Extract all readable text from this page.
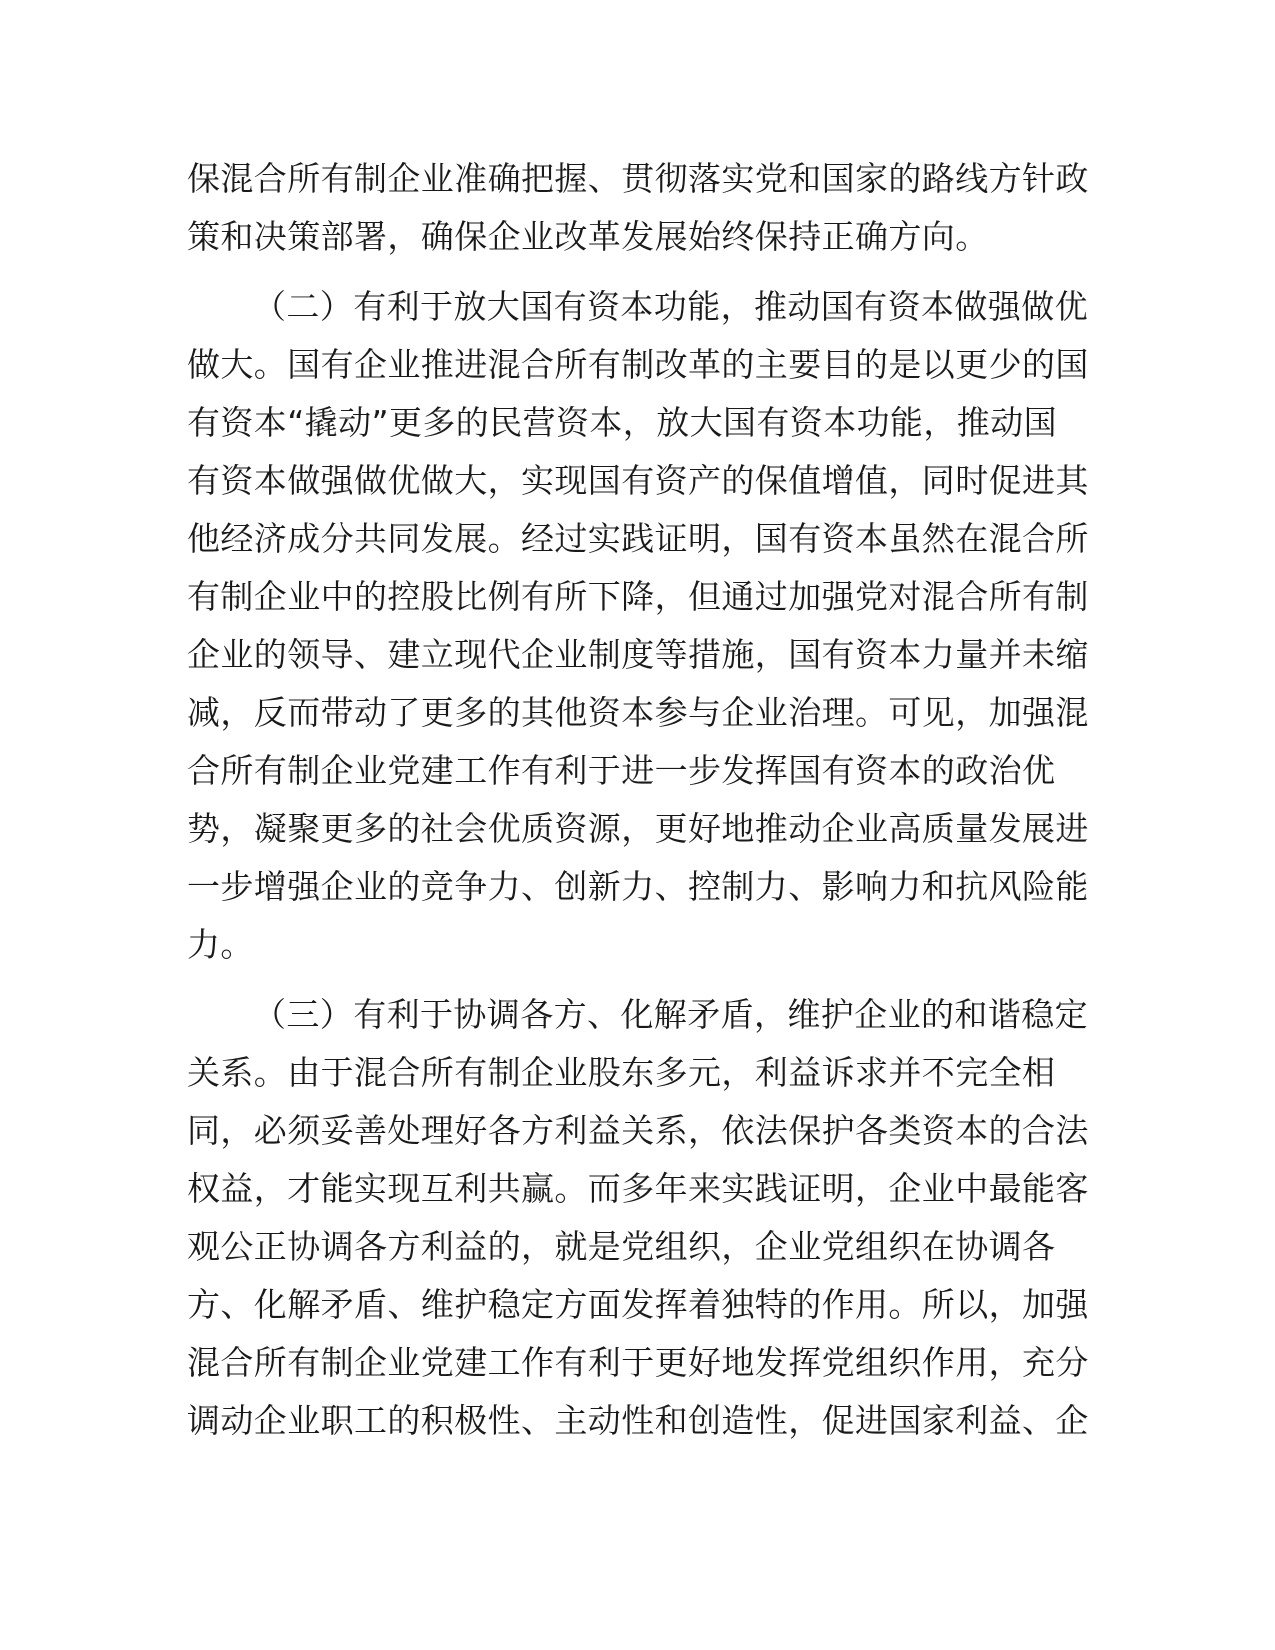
保混合所有制企业准确把握、贯彻落实党和国家的路线方针政
策和决策部署，确保企业改革发展始终保持正确方向。
（二）有利于放大国有资本功能，推动国有资本做强做优
做大。国有企业推进混合所有制改革的主要目的是以更少的国
有资本“撬动”更多的民营资本，放大国有资本功能，推动国
有资本做强做优做大，实现国有资产的保值增值，同时促进其
他经济成分共同发展。经过实践证明，国有资本虽然在混合所
有制企业中的控股比例有所下降，但通过加强党对混合所有制
企业的领导、建立现代企业制度等措施，国有资本力量并未缩
减，反而带动了更多的其他资本参与企业治理。可见，加强混
合所有制企业党建工作有利于进一步发挥国有资本的政治优
势，凝聚更多的社会优质资源，更好地推动企业高质量发展进
一步增强企业的竞争力、创新力、控制力、影响力和抗风险能
力。
（三）有利于协调各方、化解矛盾，维护企业的和谐稳定
关系。由于混合所有制企业股东多元，利益诉求并不完全相
同，必须妥善处理好各方利益关系，依法保护各类资本的合法
权益，才能实现互利共赢。而多年来实践证明，企业中最能客
观公正协调各方利益的，就是党组织，企业党组织在协调各
方、化解矛盾、维护稳定方面发挥着独特的作用。所以，加强
混合所有制企业党建工作有利于更好地发挥党组织作用，充分
调动企业职工的积极性、主动性和创造性，促进国家利益、企
